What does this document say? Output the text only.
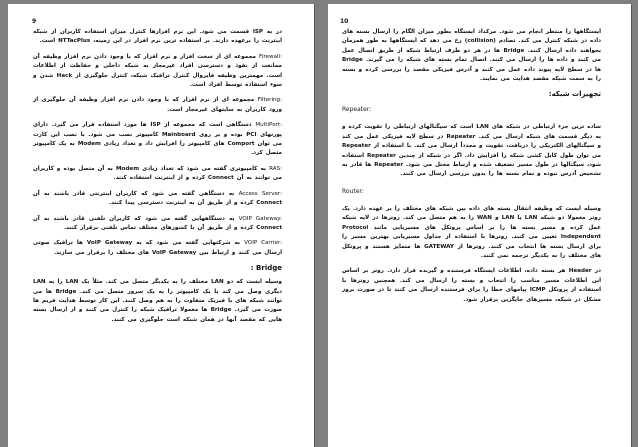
9

در به ISP قسمت می شود. این نرم افزارها کنترل میزان استفاده کاربران از شبکه اینترنت را برعهده دارند. بر استفاده ترین نرم افزار در این زمینه، NTTacPlus است.

Firewall: مجموعه ای از سخت افزار و نرم افزار که با وجود دادن نرم افزار وظیفه آن ممانعت از نفوذ و دسترسی افراد غیرمجاز به شبکه داخلی و حفاظت از اطلاعات است. مهمترین وظیفه فایروال کنترل ترافیک شبکه، کنترل جلوگیری از Hack شدن و سوء استفاده توسط افراد است.

Filtering: مجموعه ای از نرم افزار که با وجود دادن نرم افزار وظیفه آن جلوگیری از ورود کاربران به سایتهای غیرمجاز است.

MultiPort: دستگاهی است که مجموعه از ISP ها مورد استفاده قرار می گیرد. دارای پورتهای PCI بوده و بر روی Mainboard کامپیوتر نصب می شود. با نصب این کارت می توان Comport های کامپیوتر را افزایش داد و تعداد زیادی Modem به یک کامپیوتر متصل کرد.

RAS: به کامپیوتری گفته می شود که تعداد زیادی Modem به آن متصل بوده و کاربران می توانند به آن Connect کرده و از اینترنت استفاده کنند.

Access Server: به دستگاهی گفته می شود که کاربران اینترنتی قادر باشند به آن Connect کرده و از طریق آن به اینترنت دسترسی پیدا کنند.

VOIP Gateway: به دستگاههایی گفته می شود که کاربران تلفنی قادر باشند به آن Connect کرده و از طریق آن با کشورهای مختلف تماس تلفنی برقرار کنند.

VOIP Carrier: به شرکتهایی گفته می شود که به VoIP Gateway ها ترافیک صوتی ارسال می کنند و ارتباط بین VoIP Gateway های مختلف را برقرار می سازند.

Bridge :

وسیله ایست که دو LAN مختلف را به یکدیگر متصل می کند. مثلاً یک LAN را به LAN دیگری وصل می کند یا یک کامپیوتر را به یک سرور متصل می کند. Bridge ها می توانند شبکه های با فیزیک متفاوت را به هم وصل کنند. این کار توسط هدایت فریم ها صورت می گیرد. Bridge ها معمولا ترافیک شبکه را کنترل می کنند و از ارسال بسته هایی که مقصد آنها در همان شبکه است جلوگیری می کنند.

10

ایستگاهها را منتظر انجام می شود. مرکداد ایستگاه بطور میزان الگام را ارسال بسته های داده در شبکه کنترل می کند. تصادم (collision) رخ می دهد که ایستگاهها به طور همزمان بخواهند داده ارسال کنند. Bridge ها در هر دو طرف ارتباط شبکه از طریق اتصال عمل می کنند و داده ها را ارسال می کنند. اتصال تمام بسته های شبکه را می گیرند. Bridge ها در سطح لایه پیوند داده عمل می کنند و آدرس فیزیکی مقصد را بررسی کرده و بسته را به سمت شبکه مقصد هدایت می نمایند.

تجهیزات شبکه:
Repeater:

ساده ترین جزء ارتباطی در شبکه های LAN است که سیگنالهای ارتباطی را تقویت کرده و به دیگر قسمت های شبکه ارسال می کند. Repeater در سطح لایه فیزیکی عمل می کند و سیگنالهای الکتریکی را دریافت، تقویت و مجدداً ارسال می کند. با استفاده از Repeater می توان طول کابل کشی شبکه را افزایش داد. اگر در شبکه از چندین Repeater استفاده شود، سیگنالها در طول مسیر تضعیف شده و ارتباط مختل می شود. Repeater ها قادر به تشخیص آدرس نبوده و تمام بسته ها را بدون بررسی ارسال می کنند.

Router:

وسیله ایست که وظیفه انتقال بسته های داده بین شبکه های مختلف را بر عهده دارد. یک روتر معمولا دو شبکه LAN یا LAN و WAN را به هم متصل می کند. روترها در لایه شبکه عمل کرده و مسیر بسته ها را بر اساس پروتکل های مسیریابی مانند Protocol Independent تعیین می کنند. روترها با استفاده از جداول مسیریابی بهترین مسیر را برای ارسال بسته ها انتخاب می کنند. روترها از GATEWAY ها متمایز هستند و پروتکل های مختلف را به یکدیگر ترجمه نمی کنند.

در Header هر بسته داده، اطلاعات ایستگاه فرستنده و گیرنده قرار دارد. روتر بر اساس این اطلاعات مسیر مناسب را انتخاب و بسته را ارسال می کند. همچنین روترها با استفاده از پروتکل ICMP پیامهای خطا را برای فرستنده ارسال می کنند تا در صورت بروز مشکل در شبکه، مسیرهای جایگزین برقرار شود.
